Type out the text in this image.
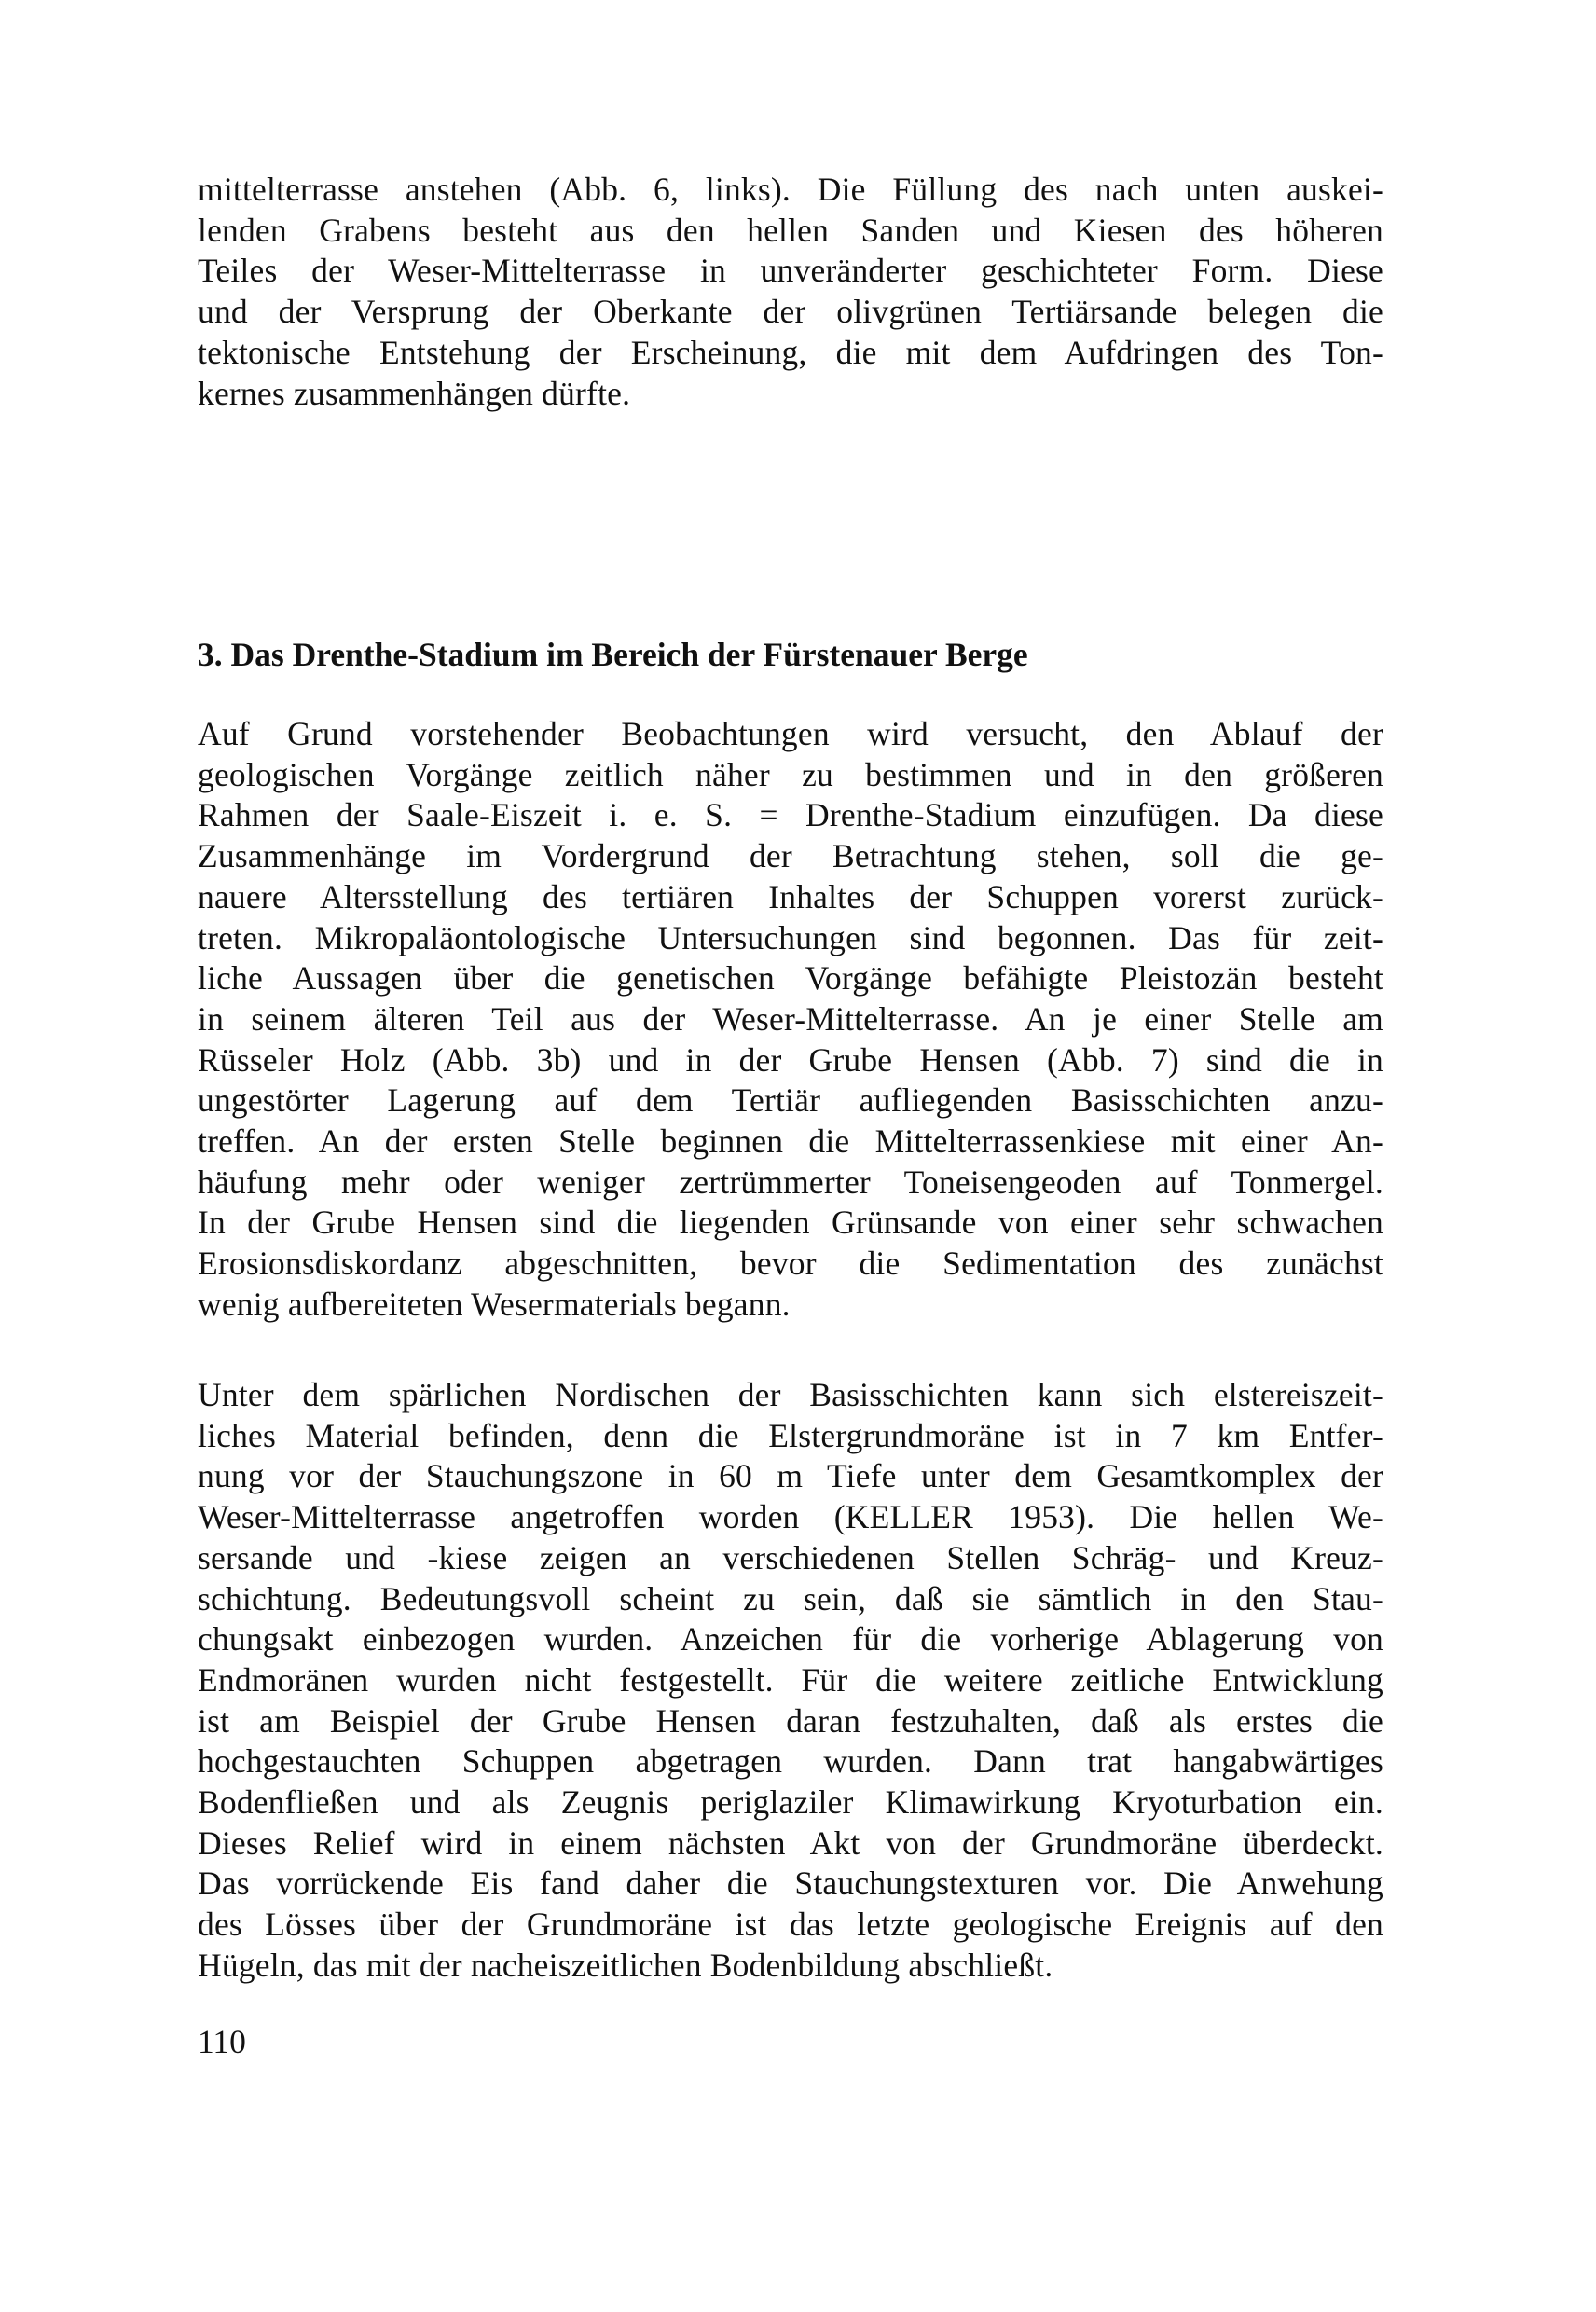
mittelterrasse anstehen (Abb. 6, links). Die Füllung des nach unten auskei-
lenden Grabens besteht aus den hellen Sanden und Kiesen des höheren
Teiles der Weser-Mittelterrasse in unveränderter geschichteter Form. Diese
und der Versprung der Oberkante der olivgrünen Tertiärsande belegen die
tektonische Entstehung der Erscheinung, die mit dem Aufdringen des Ton-
kernes zusammenhängen dürfte.
3. Das Drenthe-Stadium im Bereich der Fürstenauer Berge
Auf Grund vorstehender Beobachtungen wird versucht, den Ablauf der
geologischen Vorgänge zeitlich näher zu bestimmen und in den größeren
Rahmen der Saale-Eiszeit i. e. S. = Drenthe-Stadium einzufügen. Da diese
Zusammenhänge im Vordergrund der Betrachtung stehen, soll die ge-
nauere Altersstellung des tertiären Inhaltes der Schuppen vorerst zurück-
treten. Mikropaläontologische Untersuchungen sind begonnen. Das für zeit-
liche Aussagen über die genetischen Vorgänge befähigte Pleistozän besteht
in seinem älteren Teil aus der Weser-Mittelterrasse. An je einer Stelle am
Rüsseler Holz (Abb. 3b) und in der Grube Hensen (Abb. 7) sind die in
ungestörter Lagerung auf dem Tertiär aufliegenden Basisschichten anzu-
treffen. An der ersten Stelle beginnen die Mittelterrassenkiese mit einer An-
häufung mehr oder weniger zertrümmerter Toneisengeoden auf Tonmergel.
In der Grube Hensen sind die liegenden Grünsande von einer sehr schwachen
Erosionsdiskordanz abgeschnitten, bevor die Sedimentation des zunächst
wenig aufbereiteten Wesermaterials begann.
Unter dem spärlichen Nordischen der Basisschichten kann sich elstereiszeit-
liches Material befinden, denn die Elstergrundmoräne ist in 7 km Entfer-
nung vor der Stauchungszone in 60 m Tiefe unter dem Gesamtkomplex der
Weser-Mittelterrasse angetroffen worden (KELLER 1953). Die hellen We-
sersande und -kiese zeigen an verschiedenen Stellen Schräg- und Kreuz-
schichtung. Bedeutungsvoll scheint zu sein, daß sie sämtlich in den Stau-
chungsakt einbezogen wurden. Anzeichen für die vorherige Ablagerung von
Endmoränen wurden nicht festgestellt. Für die weitere zeitliche Entwicklung
ist am Beispiel der Grube Hensen daran festzuhalten, daß als erstes die
hochgestauchten Schuppen abgetragen wurden. Dann trat hangabwärtiges
Bodenfließen und als Zeugnis periglaziler Klimawirkung Kryoturbation ein.
Dieses Relief wird in einem nächsten Akt von der Grundmoräne überdeckt.
Das vorrückende Eis fand daher die Stauchungstexturen vor. Die Anwehung
des Lösses über der Grundmoräne ist das letzte geologische Ereignis auf den
Hügeln, das mit der nacheiszeitlichen Bodenbildung abschließt.

110
